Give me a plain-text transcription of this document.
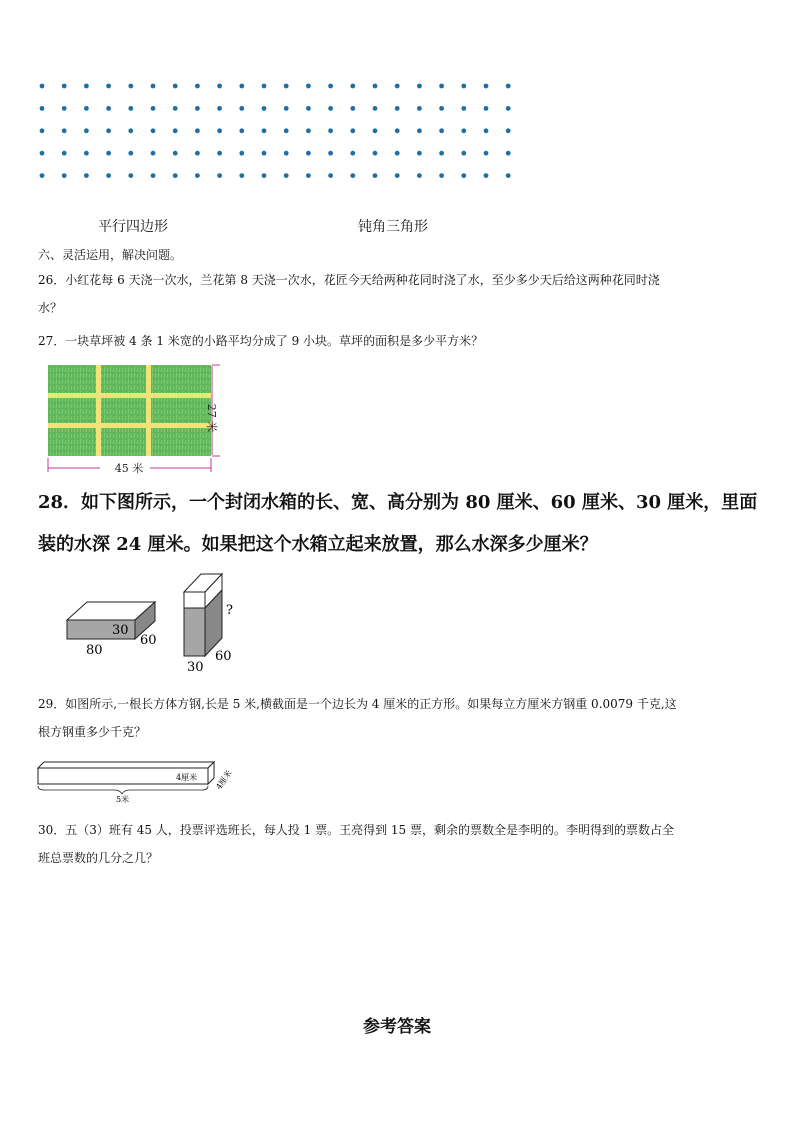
平行四边形	钝角三角形
六、灵活运用，解决问题。
26．小红花每 6 天浇一次水，兰花第 8 天浇一次水，花匠今天给两种花同时浇了水，至少多少天后给这两种花同时浇
水？
27．一块草坪被 4 条 1 米宽的小路平均分成了 9 小块。草坪的面积是多少平方米？
27 米
45 米
28．如下图所示，一个封闭水箱的长、宽、高分别为 80 厘米、60 厘米、30 厘米，里面
装的水深 24 厘米。如果把这个水箱立起来放置，那么水深多少厘米？
30
60
80
?
30
60
29．如图所示,一根长方体方钢,长是 5 米,横截面是一个边长为 4 厘米的正方形。如果每立方厘米方钢重 0.0079 千克,这
根方钢重多少千克？
4厘米 4厘米
5米
30．五（3）班有 45 人，投票评选班长，每人投 1 票。王亮得到 15 票，剩余的票数全是李明的。李明得到的票数占全
班总票数的几分之几？
参考答案
